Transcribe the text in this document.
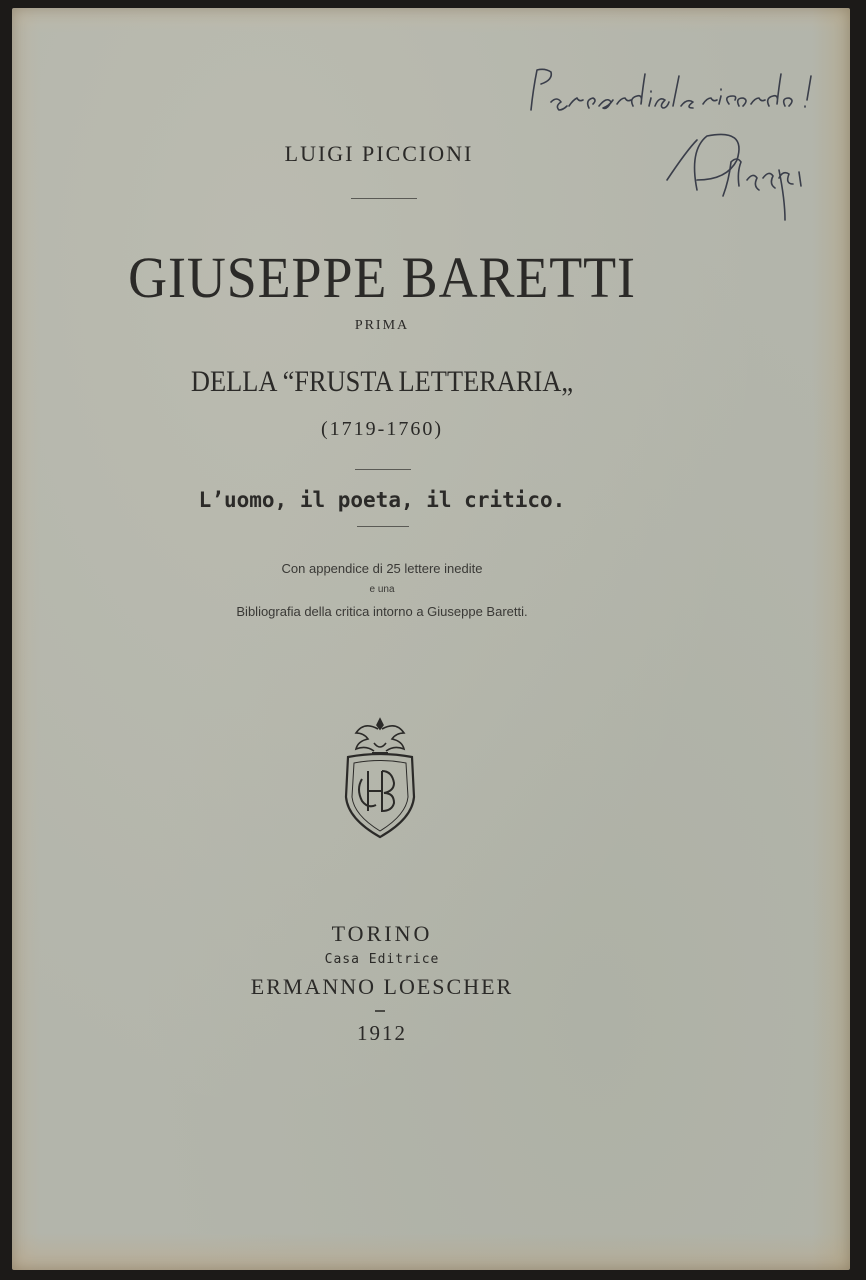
LUIGI PICCIONI
GIUSEPPE BARETTI
PRIMA
DELLA “FRUSTA LETTERARIA„
(1719-1760)
L’uomo, il poeta, il critico.
Con appendice di 25 lettere inedite
e una
Bibliografia della critica intorno a Giuseppe Baretti.
TORINO
Casa Editrice
ERMANNO LOESCHER
1912
